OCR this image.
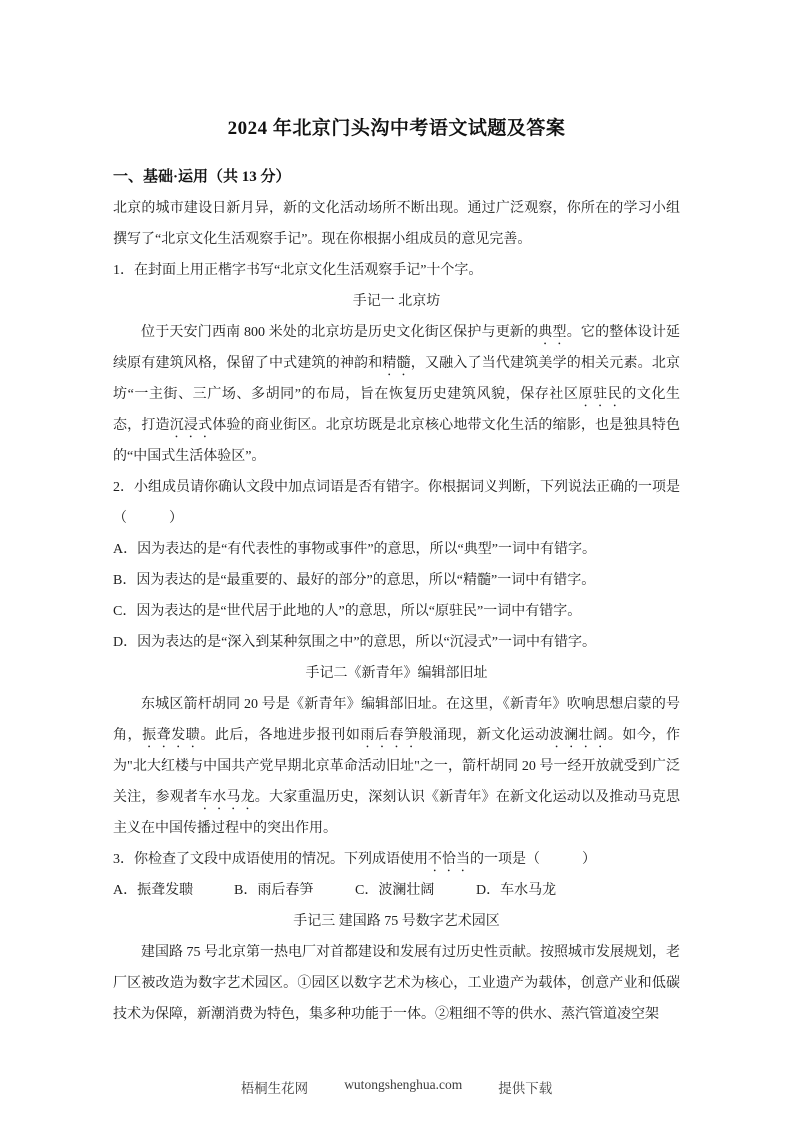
2024 年北京门头沟中考语文试题及答案
一、基础·运用（共 13 分）

北京的城市建设日新月异，新的文化活动场所不断出现。通过广泛观察，你所在的学习小组撰写了“北京文化生活观察手记”。现在你根据小组成员的意见完善。

1．在封面上用正楷字书写“北京文化生活观察手记”十个字。

手记一 北京坊

位于天安门西南 800 米处的北京坊是历史文化街区保护与更新的典型。它的整体设计延续原有建筑风格，保留了中式建筑的神韵和精髓，又融入了当代建筑美学的相关元素。北京坊“一主街、三广场、多胡同”的布局，旨在恢复历史建筑风貌，保存社区原驻民的文化生态，打造沉浸式体验的商业街区。北京坊既是北京核心地带文化生活的缩影，也是独具特色的“中国式生活体验区”。

2．小组成员请你确认文段中加点词语是否有错字。你根据词义判断，下列说法正确的一项是（　　　）

A．因为表达的是“有代表性的事物或事件”的意思，所以“典型”一词中有错字。

B．因为表达的是“最重要的、最好的部分”的意思，所以“精髓”一词中有错字。

C．因为表达的是“世代居于此地的人”的意思，所以“原驻民”一词中有错字。

D．因为表达的是“深入到某种氛围之中”的意思，所以“沉浸式”一词中有错字。

手记二《新青年》编辑部旧址

东城区箭杆胡同 20 号是《新青年》编辑部旧址。在这里，《新青年》吹响思想启蒙的号角，振聋发聩。此后，各地进步报刊如雨后春笋般涌现，新文化运动波澜壮阔。如今，作为"北大红楼与中国共产党早期北京革命活动旧址"之一，箭杆胡同 20 号一经开放就受到广泛关注，参观者车水马龙。大家重温历史，深刻认识《新青年》在新文化运动以及推动马克思主义在中国传播过程中的突出作用。

3．你检查了文段中成语使用的情况。下列成语使用不恰当的一项是（　　　）

A．振聋发聩	B．雨后春笋	C．波澜壮阔	D．车水马龙

手记三 建国路 75 号数字艺术园区

建国路 75 号北京第一热电厂对首都建设和发展有过历史性贡献。按照城市发展规划，老厂区被改造为数字艺术园区。①园区以数字艺术为核心，工业遗产为载体，创意产业和低碳技术为保障，新潮消费为特色，集多种功能于一体。②粗细不等的供水、蒸汽管道凌空架

梧桐生花网	wutongshenghua.com	提供下载
